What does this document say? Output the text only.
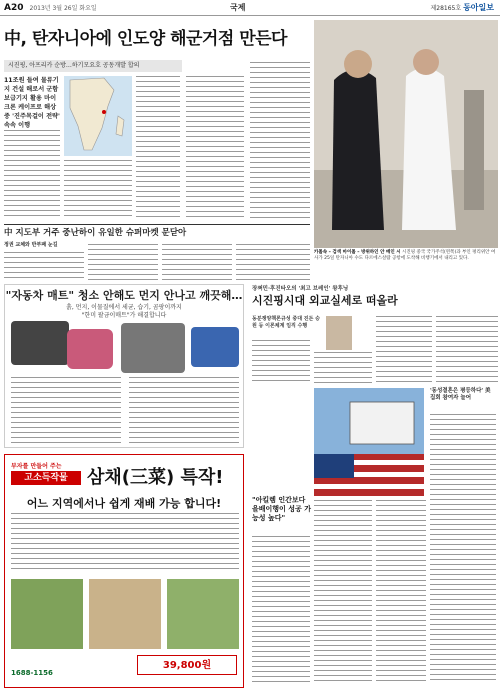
A20 2013년 3월 26일 화요일	국제	제28165호 동아일보
中, 탄자니아에 인도양 해군거점 만든다
시진핑, 아프리카 순방…하기모요호 공동개발 합의
11조원 들여 물류기지 건설 해로서 군함보급기지 활용 마이크론 케이프로 해상 중 '진주목걸이 전략' 속속 이행
카톨속 – 검색 마이톨 – 방위하인 안 메인 시 시진핑 중국 국가주석(왼쪽)과 부인 펑리위안 여사가 25일 탄자니아 수도 다르에스살람 공항에 도착해 비행기에서 내리고 있다.
中 지도부 거주 중난하이 유일한 슈퍼마켓 문닫아
정권 교체와 반부패 눈길
"자동차 매트" 청소 안해도 먼지 안나고 깨끗해…
흙, 먼지, 이물질에서 세균, 습기, 곰팡이까지
"한미 팔금이매트"가 해결합니다
부자를 만들어 주는
고소득작물	삼채(三菜) 특작!
어느 지역에서나 쉽게 재배 가능 합니다!
1688-1156
39,800원
장쩌민·후진타오의 '최고 브레인' 왕후닝
시진핑시대 외교실세로 떠올라
동분쟁양책론규성 중대 진돈 승원 등 이론체계 임직 수행
"아킬렘 인간보다 을배이행이 성공 가능성 높다"
'동성결혼은 평등하다' 美 집회 참여자 늘어
